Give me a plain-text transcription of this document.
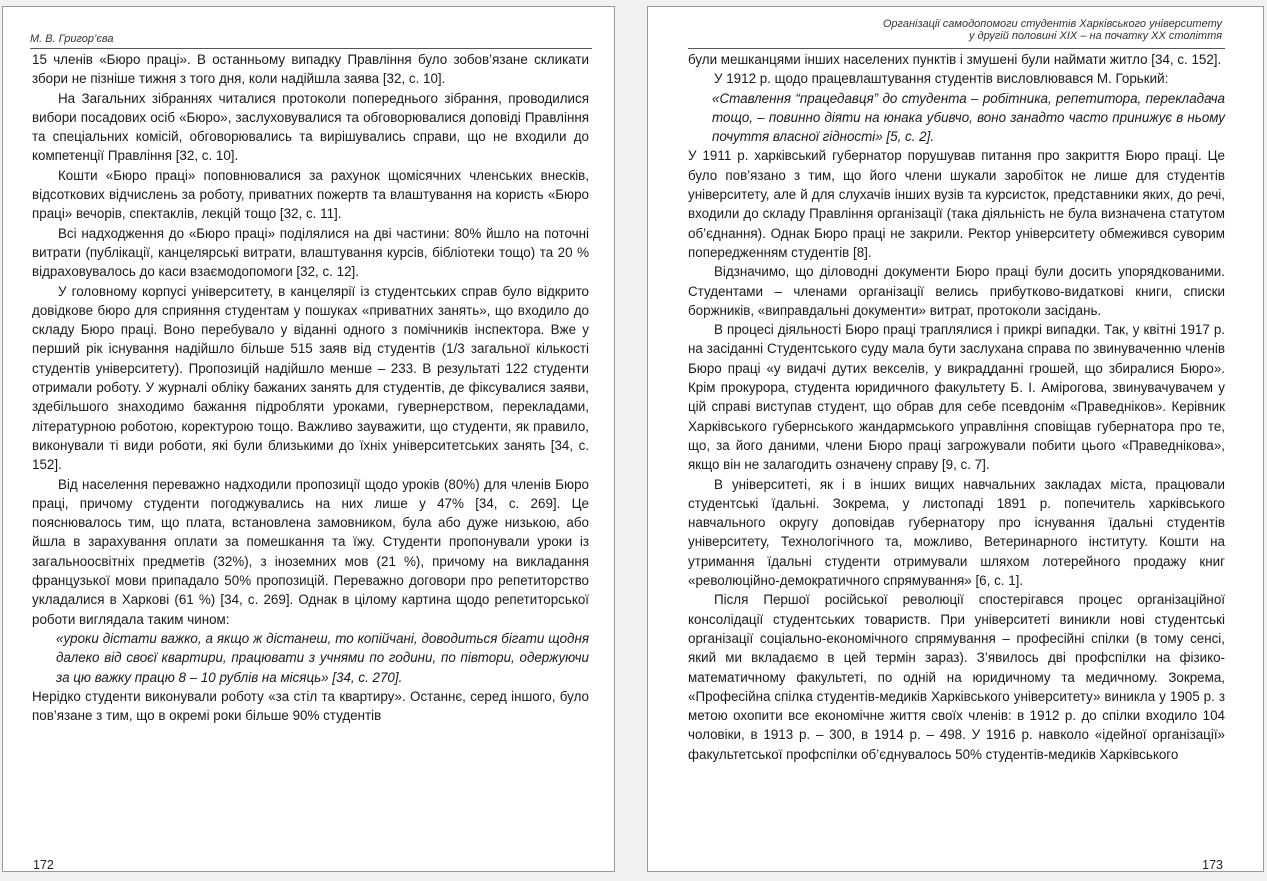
М. В. Григор’єва

15 членів «Бюро праці». В останньому випадку Правління було зобов’язане скликати збори не пізніше тижня з того дня, коли надійшла заява [32, с. 10].

На Загальних зібраннях читалися протоколи попереднього зібрання, проводилися вибори посадових осіб «Бюро», заслуховувалися та обговорювалися доповіді Правління та спеціальних комісій, обговорювались та вирішувались справи, що не входили до компетенції Правління [32, с. 10].

Кошти «Бюро праці» поповнювалися за рахунок щомісячних членських внесків, відсоткових відчислень за роботу, приватних пожертв та влаштування на користь «Бюро праці» вечорів, спектаклів, лекцій тощо [32, с. 11].

Всі надходження до «Бюро праці» поділялися на дві частини: 80% йшло на поточні витрати (публікації, канцелярські витрати, влаштування курсів, бібліотеки тощо) та 20 % відраховувалось до каси взаємодопомоги [32, с. 12].

У головному корпусі університету, в канцелярії із студентських справ було відкрито довідкове бюро для сприяння студентам у пошуках «приватних занять», що входило до складу Бюро праці. Воно перебувало у віданні одного з помічників інспектора. Вже у перший рік існування надійшло більше 515 заяв від студентів (1/3 загальної кількості студентів університету). Пропозицій надійшло менше – 233. В результаті 122 студенти отримали роботу. У журналі обліку бажаних занять для студентів, де фіксувалися заяви, здебільшого знаходимо бажання підробляти уроками, гувернерством, перекладами, літературною роботою, коректурою тощо. Важливо зауважити, що студенти, як правило, виконували ті види роботи, які були близькими до їхніх університетських занять [34, с. 152].

Від населення переважно надходили пропозиції щодо уроків (80%) для членів Бюро праці, причому студенти погоджувались на них лише у 47% [34, с. 269]. Це пояснювалось тим, що плата, встановлена замовником, була або дуже низькою, або йшла в зарахування оплати за помешкання та їжу. Студенти пропонували уроки із загальноосвітніх предметів (32%), з іноземних мов (21 %), причому на викладання французької мови припадало 50% пропозицій. Переважно договори про репетиторство укладалися в Харкові (61 %) [34, с. 269]. Однак в цілому картина щодо репетиторської роботи виглядала таким чином:

«уроки дістати важко, а якщо ж дістанеш, то копійчані, доводиться бігати щодня далеко від своєї квартири, працювати з учнями по години, по півтори, одержуючи за цю важку працю 8 – 10 рублів на місяць» [34, с. 270].

Нерідко студенти виконували роботу «за стіл та квартиру». Останнє, серед іншого, було пов’язане з тим, що в окремі роки більше 90% студентів

172
Організації самодопомоги студентів Харківського університету
у другій половині XIX – на початку XX століття

були мешканцями інших населених пунктів і змушені були наймати житло [34, с. 152].

У 1912 р. щодо працевлаштування студентів висловлювався М. Горький:

«Ставлення “працедавця” до студента – робітника, репетитора, перекладача тощо, – повинно діяти на юнака убивчо, воно занадто часто принижує в ньому почуття власної гідності» [5, с. 2].

У 1911 р. харківський губернатор порушував питання про закриття Бюро праці. Це було пов’язано з тим, що його члени шукали заробіток не лише для студентів університету, але й для слухачів інших вузів та курсисток, представники яких, до речі, входили до складу Правління організації (така діяльність не була визначена статутом об’єднання). Однак Бюро праці не закрили. Ректор університету обмежився суворим попередженням студентів [8].

Відзначимо, що діловодні документи Бюро праці були досить упорядкованими. Студентами – членами організації велись прибутково-видаткові книги, списки боржників, «виправдальні документи» витрат, протоколи засідань.

В процесі діяльності Бюро праці траплялися і прикрі випадки. Так, у квітні 1917 р. на засіданні Студентського суду мала бути заслухана справа по звинуваченню членів Бюро праці «у видачі дутих векселів, у викрадданні грошей, що збиралися Бюро». Крім прокурора, студента юридичного факультету Б. І. Амірогова, звинувачувачем у цій справі виступав студент, що обрав для себе псевдонім «Праведніков». Керівник Харківського губернського жандармського управління сповіщав губернатора про те, що, за його даними, члени Бюро праці загрожували побити цього «Праведнікова», якщо він не залагодить означену справу [9, с. 7].

В університеті, як і в інших вищих навчальних закладах міста, працювали студентські їдальні. Зокрема, у листопаді 1891 р. попечитель харківського навчального округу доповідав губернатору про існування їдальні студентів університету, Технологічного та, можливо, Ветеринарного інституту. Кошти на утримання їдальні студенти отримували шляхом лотерейного продажу книг «революційно-демократичного спрямування» [6, с. 1].

Після Першої російської революції спостерігався процес організаційної консолідації студентських товариств. При університеті виникли нові студентські організації соціально-економічного спрямування – професійні спілки (в тому сенсі, який ми вкладаємо в цей термін зараз). З’явилось дві профспілки на фізико-математичному факультеті, по одній на юридичному та медичному. Зокрема, «Професійна спілка студентів-медиків Харківського університету» виникла у 1905 р. з метою охопити все економічне життя своїх членів: в 1912 р. до спілки входило 104 чоловіки, в 1913 р. – 300, в 1914 р. – 498. У 1916 р. навколо «ідейної організації» факультетської профспілки об’єднувалось 50% студентів-медиків Харківського

173
